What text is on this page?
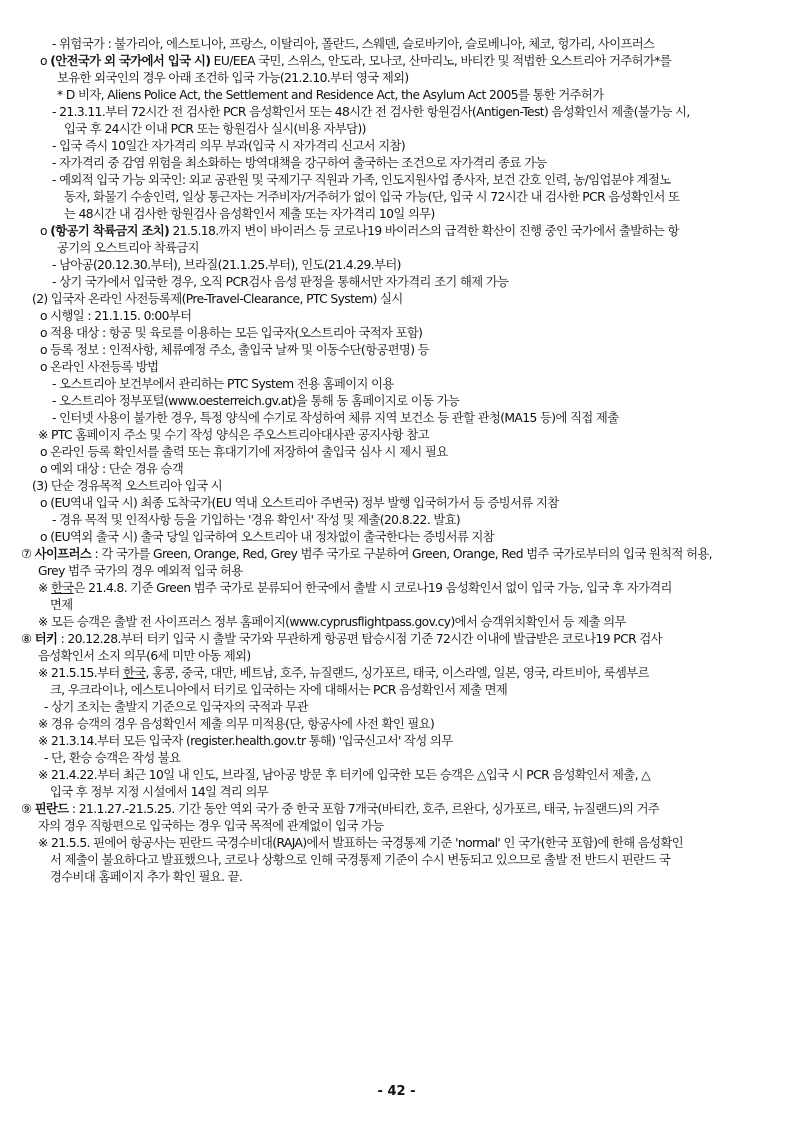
- 위험국가 : 불가리아, 에스토니아, 프랑스, 이탈리아, 폴란드, 스웨덴, 슬로바키아, 슬로베니아, 체코, 헝가리, 사이프러스
ο (안전국가 외 국가에서 입국 시) EU/EEA 국민, 스위스, 안도라, 모나코, 산마리노, 바티칸 및 적법한 오스트리아 거주허가*를
보유한 외국인의 경우 아래 조건하 입국 가능(21.2.10.부터 영국 제외)
* D 비자, Aliens Police Act, the Settlement and Residence Act, the Asylum Act 2005를 통한 거주허가
- 21.3.11.부터 72시간 전 검사한 PCR 음성확인서 또는 48시간 전 검사한 항원검사(Antigen-Test) 음성확인서 제출(불가능 시,
입국 후 24시간 이내 PCR 또는 항원검사 실시(비용 자부담))
- 입국 즉시 10일간 자가격리 의무 부과(입국 시 자가격리 신고서 지참)
- 자가격리 중 감염 위험을 최소화하는 방역대책을 강구하여 출국하는 조건으로 자가격리 종료 가능
- 예외적 입국 가능 외국인: 외교 공관원 및 국제기구 직원과 가족, 인도지원사업 종사자, 보건 간호 인력, 농/임업분야 계절노
동자, 화물기 수송인력, 일상 통근자는 거주비자/거주허가 없이 입국 가능(단, 입국 시 72시간 내 검사한 PCR 음성확인서 또
는 48시간 내 검사한 항원검사 음성확인서 제출 또는 자가격리 10일 의무)
ο (항공기 착륙금지 조치) 21.5.18.까지 변이 바이러스 등 코로나19 바이러스의 급격한 확산이 진행 중인 국가에서 출발하는 항
공기의 오스트리아 착륙금지
- 남아공(20.12.30.부터), 브라질(21.1.25.부터), 인도(21.4.29.부터)
- 상기 국가에서 입국한 경우, 오직 PCR검사 음성 판정을 통해서만 자가격리 조기 해제 가능
(2) 입국자 온라인 사전등록제(Pre-Travel-Clearance, PTC System) 실시
ο 시행일 : 21.1.15. 0:00부터
ο 적용 대상 : 항공 및 육로를 이용하는 모든 입국자(오스트리아 국적자 포함)
ο 등록 정보 : 인적사항, 체류예정 주소, 출입국 날짜 및 이동수단(항공편명) 등
ο 온라인 사전등록 방법
- 오스트리아 보건부에서 관리하는 PTC System 전용 홈페이지 이용
- 오스트리아 정부포털(www.oesterreich.gv.at)을 통해 동 홈페이지로 이동 가능
- 인터넷 사용이 불가한 경우, 특정 양식에 수기로 작성하여 체류 지역 보건소 등 관할 관청(MA15 등)에 직접 제출
※ PTC 홈페이지 주소 및 수기 작성 양식은 주오스트리아대사관 공지사항 참고
ο 온라인 등록 확인서를 출력 또는 휴대기기에 저장하여 출입국 심사 시 제시 필요
ο 예외 대상 : 단순 경유 승객
(3) 단순 경유목적 오스트리아 입국 시
ο (EU역내 입국 시) 최종 도착국가(EU 역내 오스트리아 주변국) 정부 발행 입국허가서 등 증빙서류 지참
- 경유 목적 및 인적사항 등을 기입하는 '경유 확인서' 작성 및 제출(20.8.22. 발효)
ο (EU역외 출국 시) 출국 당일 입국하여 오스트리아 내 정차없이 출국한다는 증빙서류 지참
⑦ 사이프러스 : 각 국가를 Green, Orange, Red, Grey 범주 국가로 구분하여 Green, Orange, Red 범주 국가로부터의 입국 원칙적 허용,
Grey 범주 국가의 경우 예외적 입국 허용
※ 한국은 21.4.8. 기준 Green 범주 국가로 분류되어 한국에서 출발 시 코로나19 음성확인서 없이 입국 가능, 입국 후 자가격리
면제
※ 모든 승객은 출발 전 사이프러스 정부 홈페이지(www.cyprusflightpass.gov.cy)에서 승객위치확인서 등 제출 의무
⑧ 터키 : 20.12.28.부터 터키 입국 시 출발 국가와 무관하게 항공편 탑승시점 기준 72시간 이내에 발급받은 코로나19 PCR 검사
음성확인서 소지 의무(6세 미만 아동 제외)
※ 21.5.15.부터 한국, 홍콩, 중국, 대만, 베트남, 호주, 뉴질랜드, 싱가포르, 태국, 이스라엘, 일본, 영국, 라트비아, 룩셈부르
크, 우크라이나, 에스토니아에서 터키로 입국하는 자에 대해서는 PCR 음성확인서 제출 면제
- 상기 조치는 출발지 기준으로 입국자의 국적과 무관
※ 경유 승객의 경우 음성확인서 제출 의무 미적용(단, 항공사에 사전 확인 필요)
※ 21.3.14.부터 모든 입국자 (register.health.gov.tr 통해) '입국신고서' 작성 의무
- 단, 환승 승객은 작성 불요
※ 21.4.22.부터 최근 10일 내 인도, 브라질, 남아공 방문 후 터키에 입국한 모든 승객은 △입국 시 PCR 음성확인서 제출, △
입국 후 정부 지정 시설에서 14일 격리 의무
⑨ 핀란드 : 21.1.27.-21.5.25. 기간 동안 역외 국가 중 한국 포함 7개국(바티칸, 호주, 르완다, 싱가포르, 태국, 뉴질랜드)의 거주
자의 경우 직항편으로 입국하는 경우 입국 목적에 관계없이 입국 가능
※ 21.5.5. 핀에어 항공사는 핀란드 국경수비대(RAJA)에서 발표하는 국경통제 기준 'normal' 인 국가(한국 포함)에 한해 음성확인
서 제출이 불요하다고 발표했으나, 코로나 상황으로 인해 국경통제 기준이 수시 변동되고 있으므로 출발 전 반드시 핀란드 국
경수비대 홈페이지 추가 확인 필요. 끝.
- 42 -
